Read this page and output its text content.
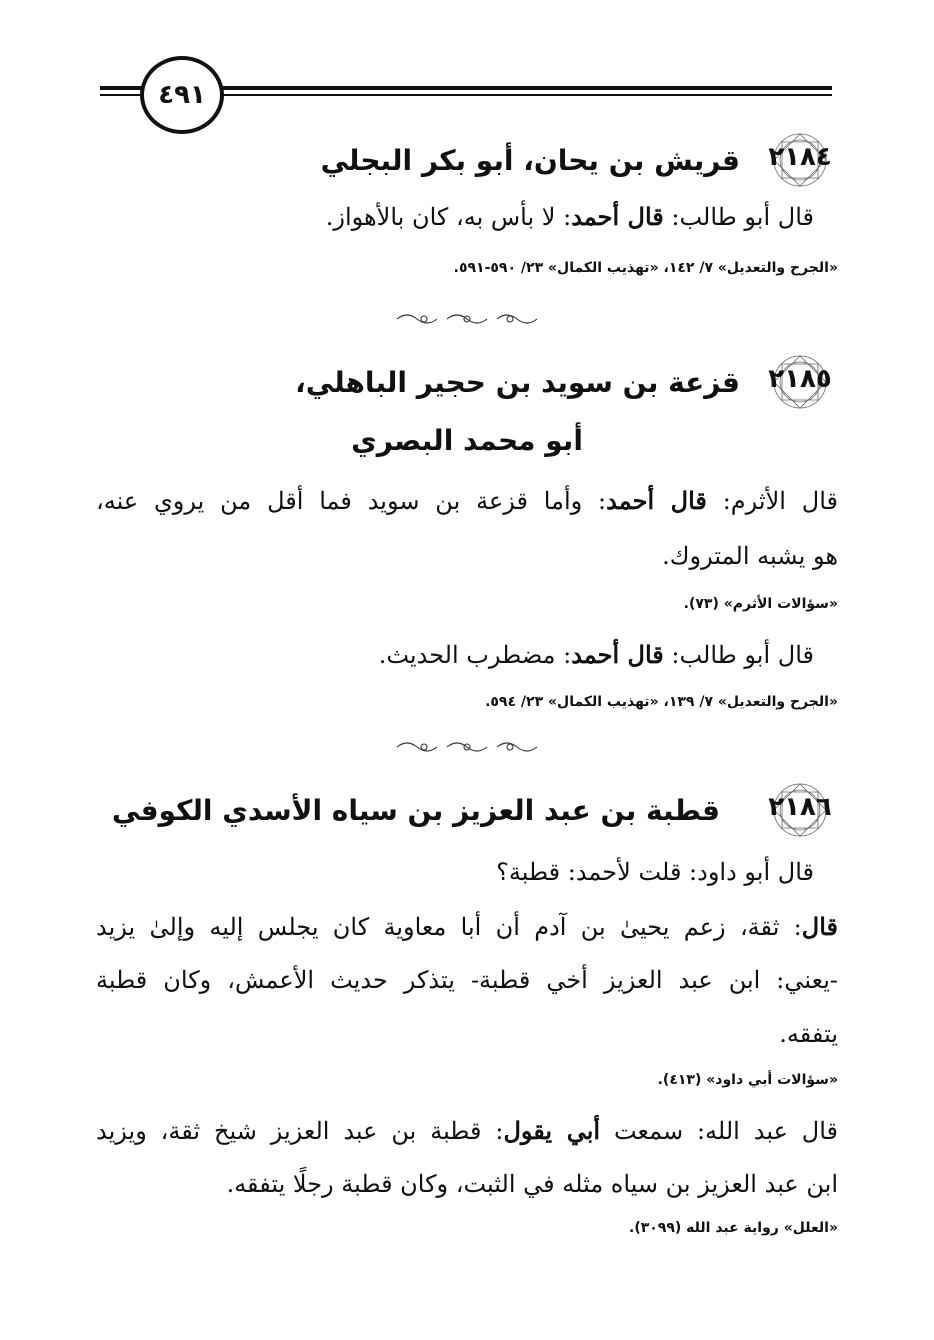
٤٩١
٢١٨٤
قريش بن يحان، أبو بكر البجلي
قال أبو طالب: قال أحمد: لا بأس به، كان بالأهواز.
«الجرح والتعديل» ٧/ ١٤٢، «تهذيب الكمال» ٢٣/ ٥٩٠-٥٩١.
٢١٨٥
قزعة بن سويد بن حجير الباهلي،
أبو محمد البصري
قال الأثرم: قال أحمد: وأما قزعة بن سويد فما أقل من يروي عنه،
هو يشبه المتروك.
«سؤالات الأثرم» (٧٣).
قال أبو طالب: قال أحمد: مضطرب الحديث.
«الجرح والتعديل» ٧/ ١٣٩، «تهذيب الكمال» ٢٣/ ٥٩٤.
٢١٨٦
قطبة بن عبد العزيز بن سياه الأسدي الكوفي
قال أبو داود: قلت لأحمد: قطبة؟
قال: ثقة، زعم يحيىٰ بن آدم أن أبا معاوية كان يجلس إليه وإلىٰ يزيد
-يعني: ابن عبد العزيز أخي قطبة- يتذكر حديث الأعمش، وكان قطبة
يتفقه.
«سؤالات أبي داود» (٤١٣).
قال عبد الله: سمعت أبي يقول: قطبة بن عبد العزيز شيخ ثقة، ويزيد
ابن عبد العزيز بن سياه مثله في الثبت، وكان قطبة رجلًا يتفقه.
«العلل» رواية عبد الله (٣٠٩٩).
